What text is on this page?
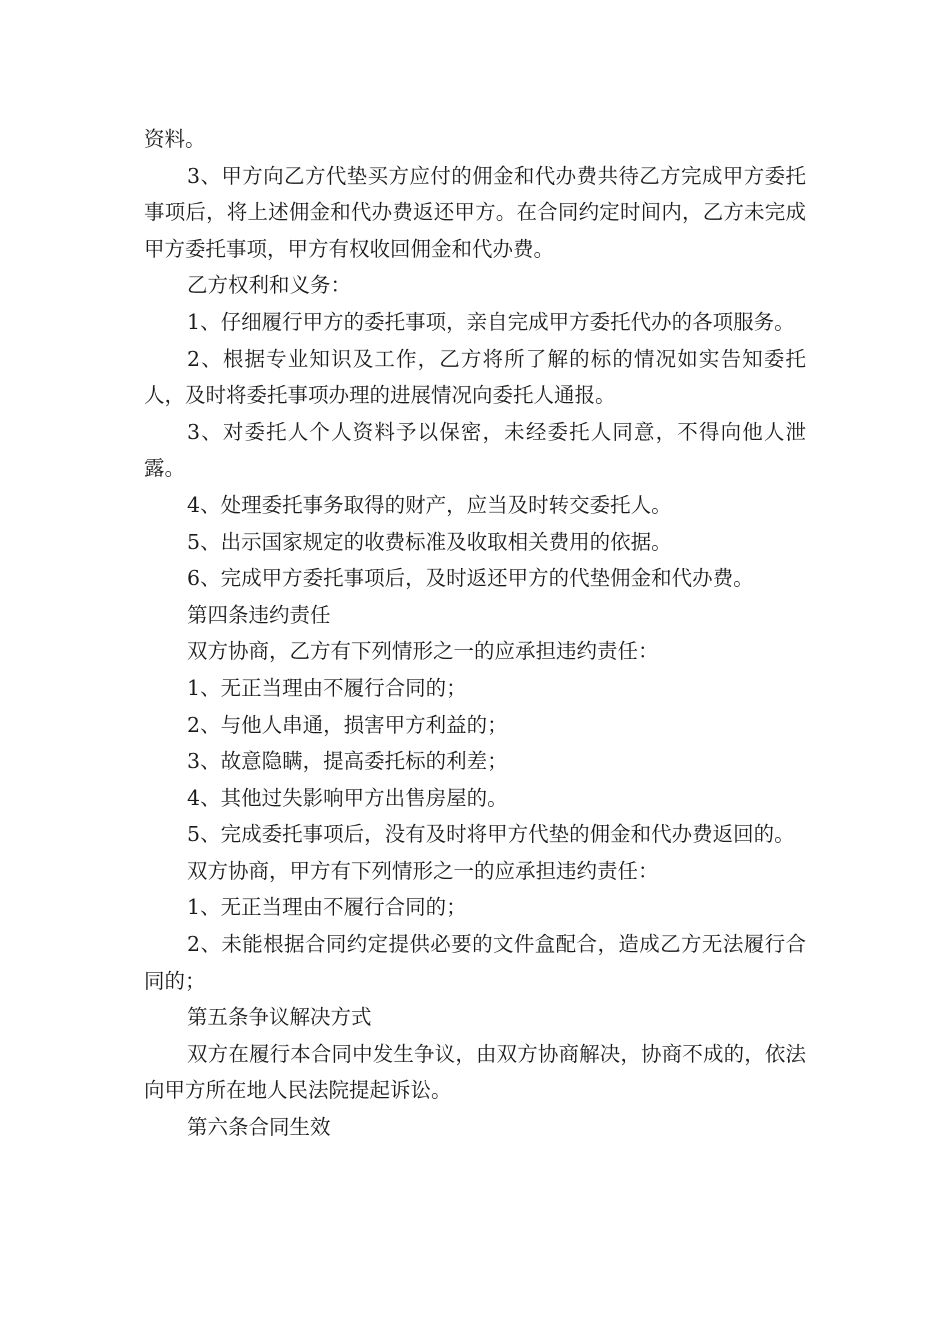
资料。

3、甲方向乙方代垫买方应付的佣金和代办费共待乙方完成甲方委托事项后，将上述佣金和代办费返还甲方。在合同约定时间内，乙方未完成甲方委托事项，甲方有权收回佣金和代办费。

乙方权利和义务：

1、仔细履行甲方的委托事项，亲自完成甲方委托代办的各项服务。

2、根据专业知识及工作，乙方将所了解的标的情况如实告知委托人，及时将委托事项办理的进展情况向委托人通报。

3、对委托人个人资料予以保密，未经委托人同意，不得向他人泄露。

4、处理委托事务取得的财产，应当及时转交委托人。

5、出示国家规定的收费标准及收取相关费用的依据。

6、完成甲方委托事项后，及时返还甲方的代垫佣金和代办费。

第四条违约责任

双方协商，乙方有下列情形之一的应承担违约责任：

1、无正当理由不履行合同的；

2、与他人串通，损害甲方利益的；

3、故意隐瞒，提高委托标的利差；

4、其他过失影响甲方出售房屋的。

5、完成委托事项后，没有及时将甲方代垫的佣金和代办费返回的。

双方协商，甲方有下列情形之一的应承担违约责任：

1、无正当理由不履行合同的；

2、未能根据合同约定提供必要的文件盒配合，造成乙方无法履行合同的；

第五条争议解决方式

双方在履行本合同中发生争议，由双方协商解决，协商不成的，依法向甲方所在地人民法院提起诉讼。

第六条合同生效
